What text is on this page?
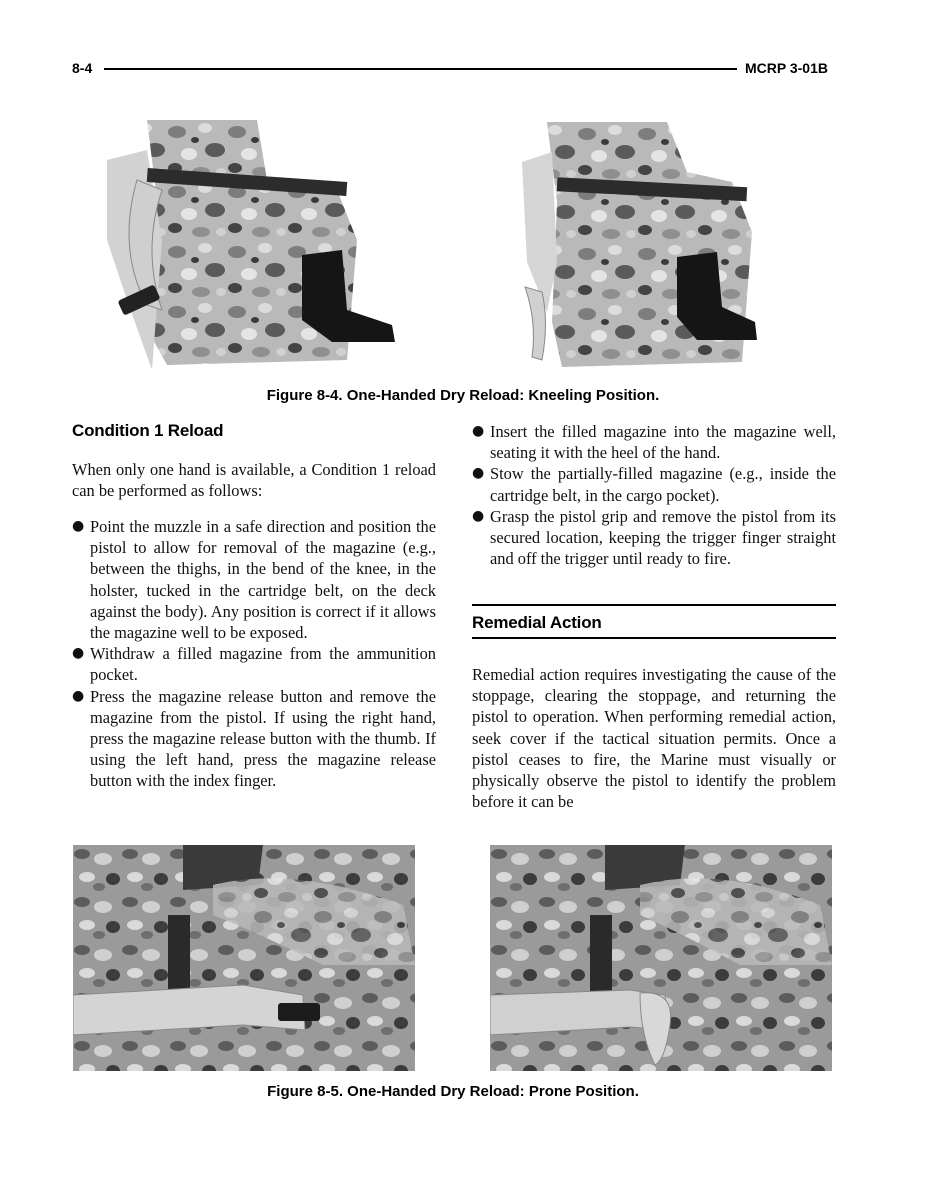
8-4	MCRP 3-01B
Figure 8-4. One-Handed Dry Reload: Kneeling Position.
Condition 1 Reload
When only one hand is available, a Condition 1 reload can be performed as follows:
● Point the muzzle in a safe direction and position the pistol to allow for removal of the magazine (e.g., between the thighs, in the bend of the knee, in the holster, tucked in the cartridge belt, on the deck against the body). Any position is correct if it allows the magazine well to be exposed.
● Withdraw a filled magazine from the ammunition pocket.
● Press the magazine release button and remove the magazine from the pistol. If using the right hand, press the magazine release button with the thumb. If using the left hand, press the magazine release button with the index finger.
● Insert the filled magazine into the magazine well, seating it with the heel of the hand.
● Stow the partially-filled magazine (e.g., inside the cartridge belt, in the cargo pocket).
● Grasp the pistol grip and remove the pistol from its secured location, keeping the trigger finger straight and off the trigger until ready to fire.
Remedial Action
Remedial action requires investigating the cause of the stoppage, clearing the stoppage, and returning the pistol to operation. When performing remedial action, seek cover if the tactical situation permits. Once a pistol ceases to fire, the Marine must visually or physically observe the pistol to identify the problem before it can be
Figure 8-5. One-Handed Dry Reload: Prone Position.
